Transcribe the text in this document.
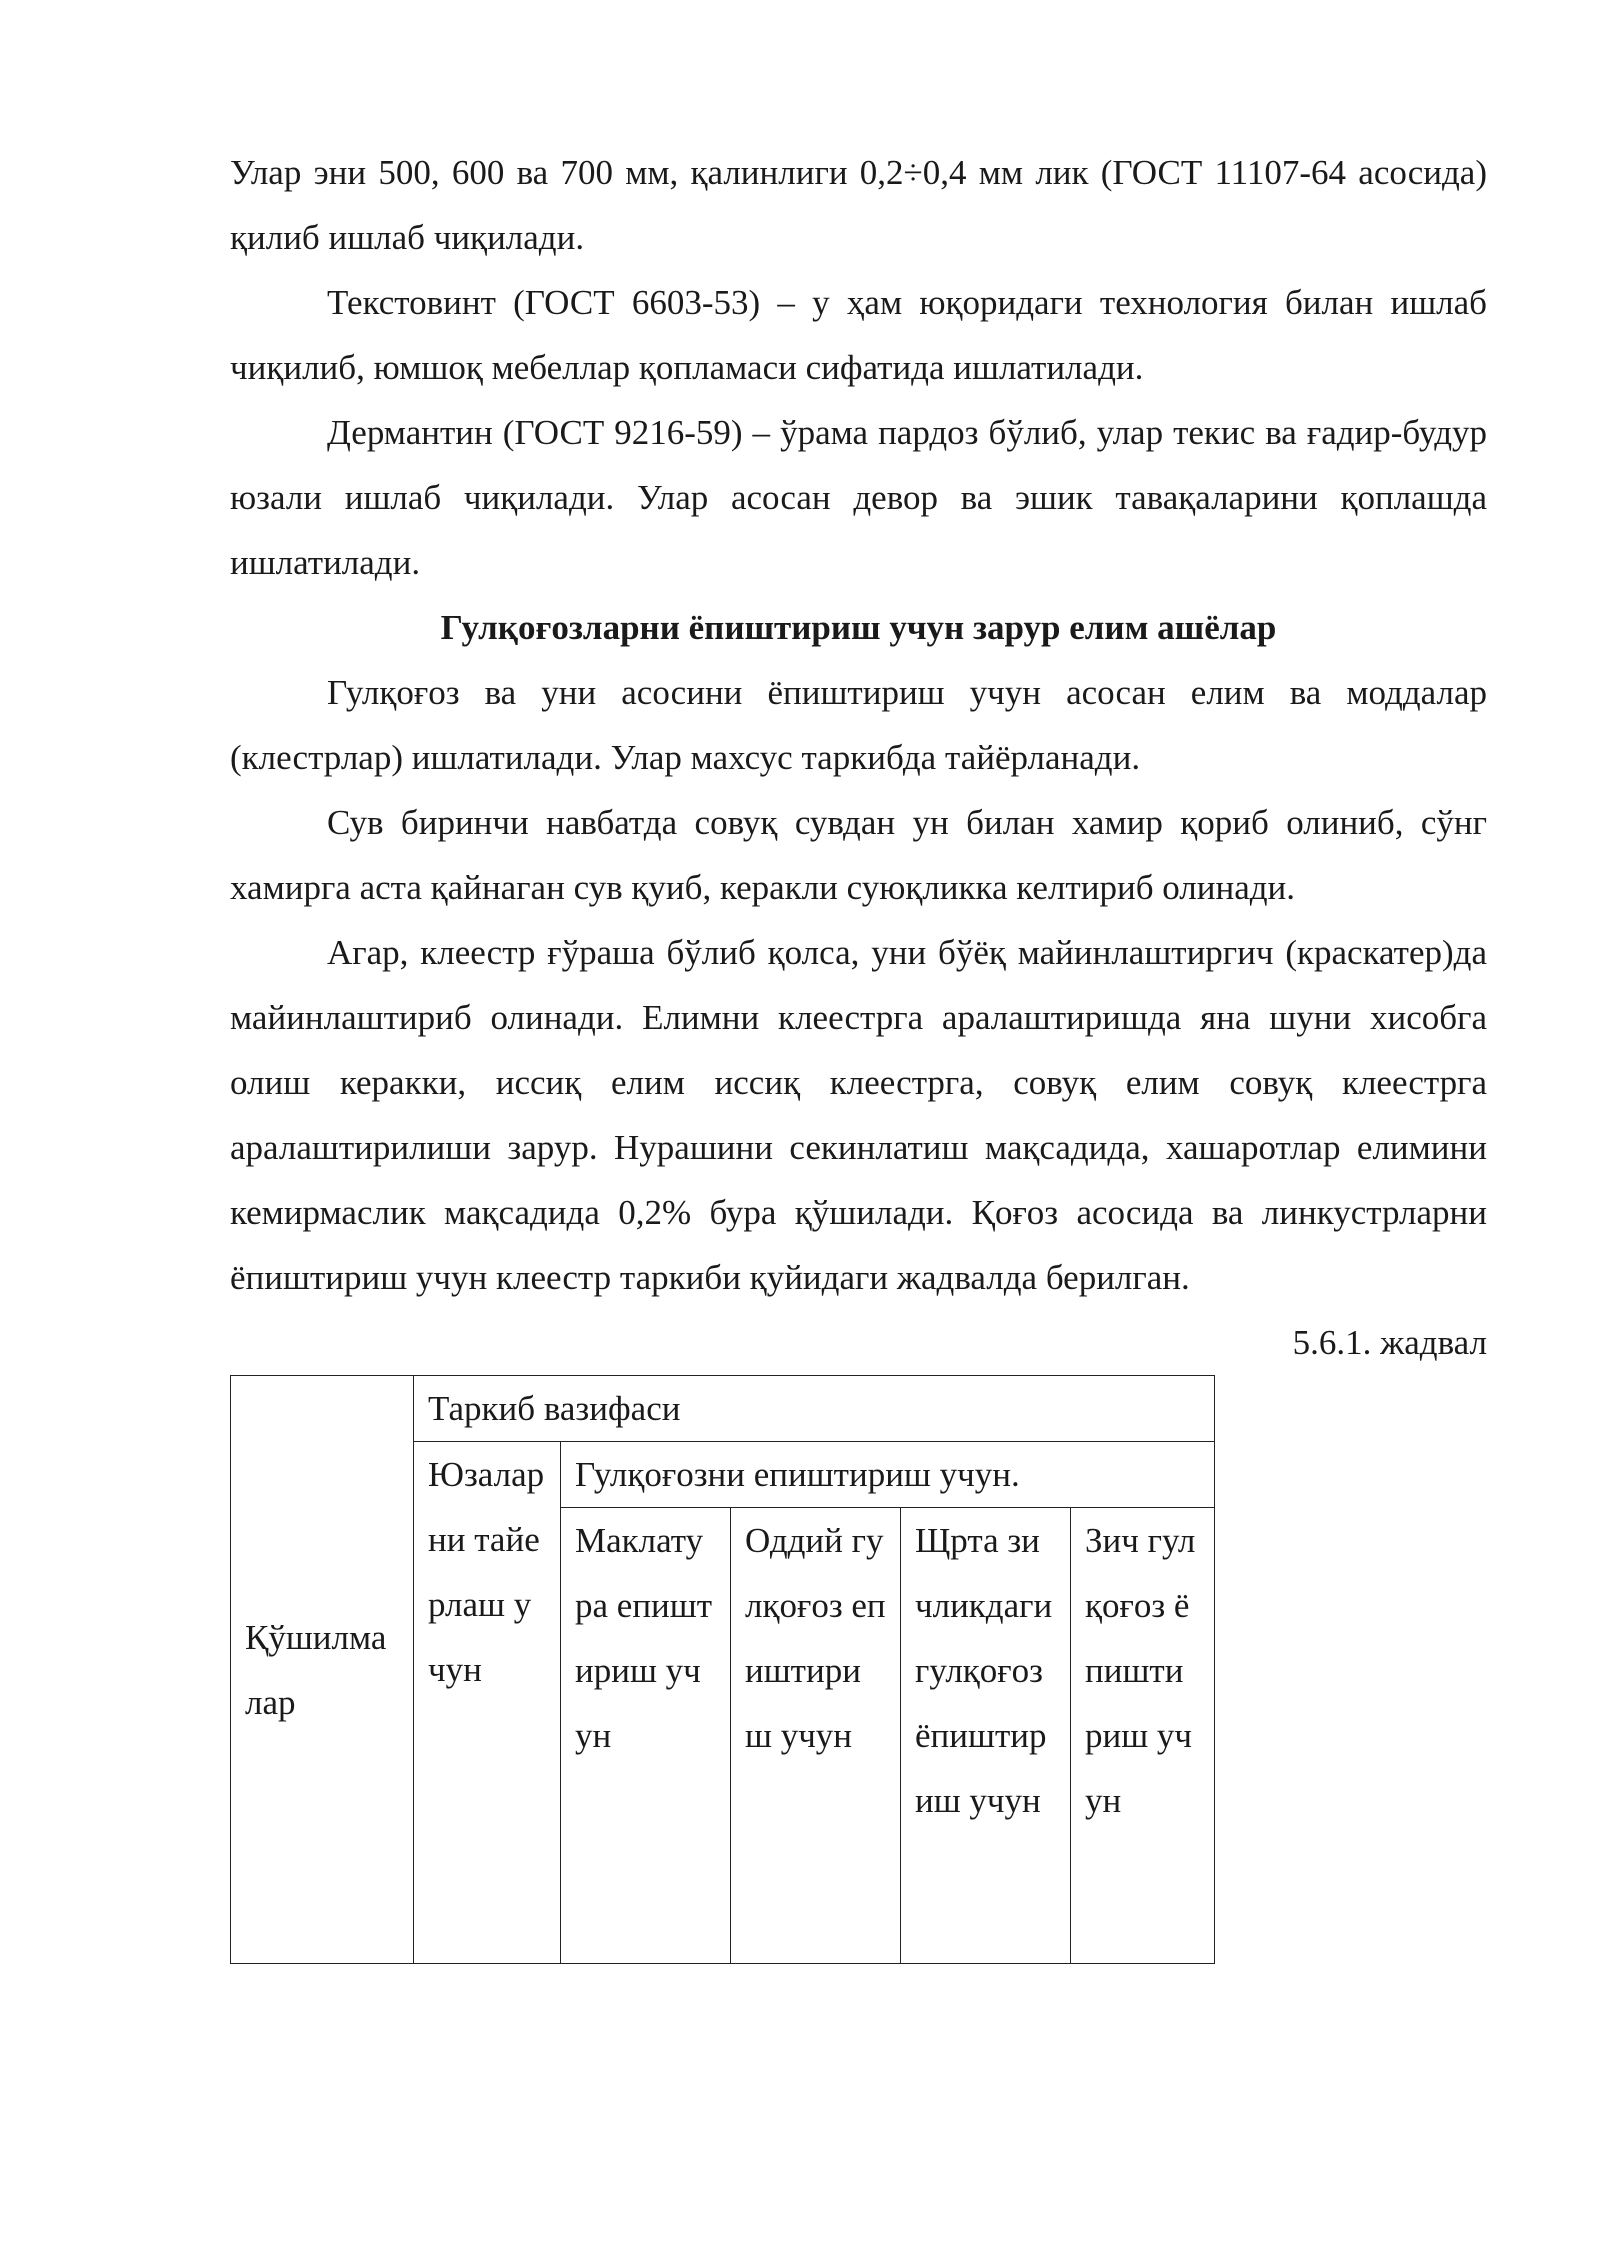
Улар эни 500, 600 ва 700 мм, қалинлиги 0,2÷0,4 мм лик (ГОСТ 11107-64 асосида) қилиб ишлаб чиқилади.

Текстовинт (ГОСТ 6603-53) – у ҳам юқоридаги технология билан ишлаб чиқилиб, юмшоқ мебеллар қопламаси сифатида ишлатилади.

Дермантин (ГОСТ 9216-59) – ўрама пардоз бўлиб, улар текис ва ғадир-будур юзали ишлаб чиқилади. Улар асосан девор ва эшик тавақаларини қоплашда ишлатилади.

Гулқоғозларни ёпиштириш учун зарур елим ашёлар

Гулқоғоз ва уни асосини ёпиштириш учун асосан елим ва моддалар (клестрлар) ишлатилади. Улар махсус таркибда тайёрланади.

Сув биринчи навбатда совуқ сувдан ун билан хамир қориб олиниб, сўнг хамирга аста қайнаган сув қуиб, керакли суюқликка келтириб олинади.

Агар, клеестр ғўраша бўлиб қолса, уни бўёқ майинлаштиргич (краскатер)да майинлаштириб олинади. Елимни клеестрга аралаштиришда яна шуни хисобга олиш керакки, иссиқ елим иссиқ клеестрга, совуқ елим совуқ клеестрга аралаштирилиши зарур. Нурашини секинлатиш мақсадида, хашаротлар елимини кемирмаслик мақсадида 0,2% бура қўшилади. Қоғоз асосида ва линкустрларни ёпиштириш учун клеестр таркиби қуйидаги жадвалда берилган.

5.6.1. жадвал

Қўшилмалар	Таркиб вазифаси				
	Юзаларни тайерлаш учун	Гулқоғозни епиштириш учун.			
		Маклатура епиштириш учун	Оддий гулқоғоз епиштириш учун	Щрта зичликдаги гулқоғоз ёпиштириш учун	Зич гулқоғоз ёпиштириш учун
